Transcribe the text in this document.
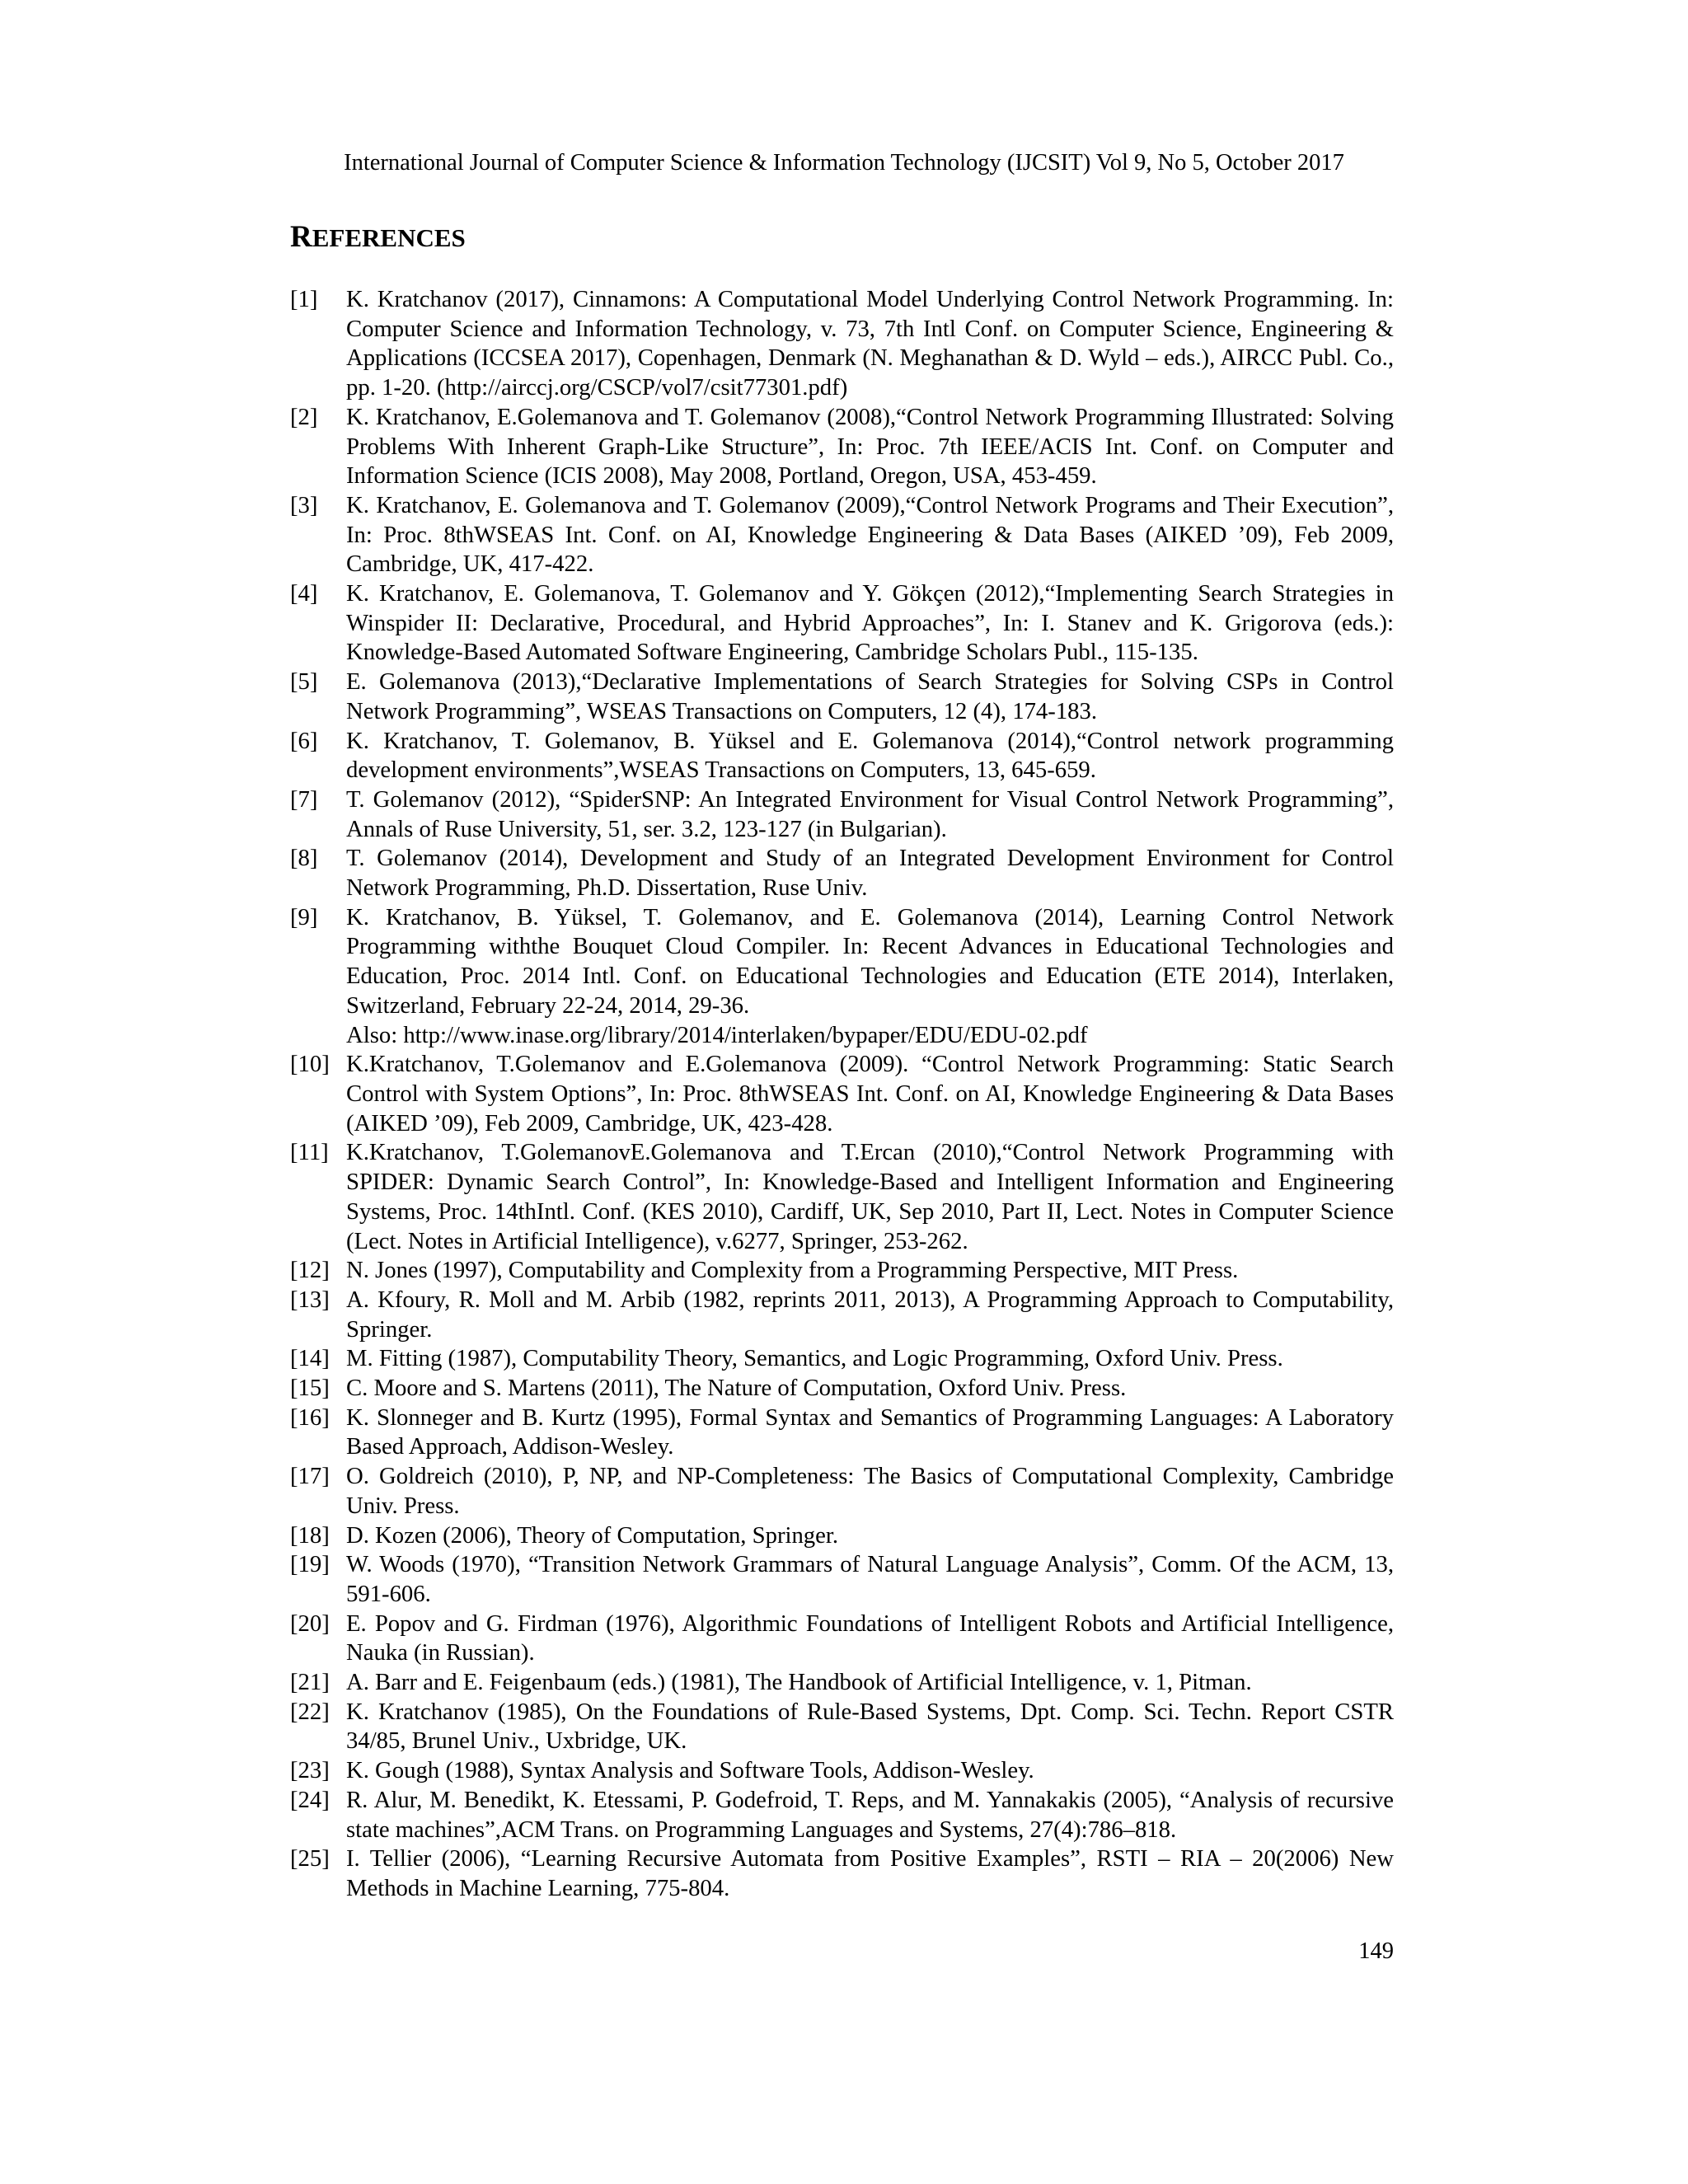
International Journal of Computer Science & Information Technology (IJCSIT) Vol 9, No 5, October 2017
REFERENCES
[1] K. Kratchanov (2017), Cinnamons: A Computational Model Underlying Control Network Programming. In: Computer Science and Information Technology, v. 73, 7th Intl Conf. on Computer Science, Engineering & Applications (ICCSEA 2017), Copenhagen, Denmark (N. Meghanathan & D. Wyld – eds.), AIRCC Publ. Co., pp. 1-20. (http://airccj.org/CSCP/vol7/csit77301.pdf)
[2] K. Kratchanov, E.Golemanova and T. Golemanov (2008),“Control Network Programming Illustrated: Solving Problems With Inherent Graph-Like Structure”, In: Proc. 7th IEEE/ACIS Int. Conf. on Computer and Information Science (ICIS 2008), May 2008, Portland, Oregon, USA, 453-459.
[3] K. Kratchanov, E. Golemanova and T. Golemanov (2009),“Control Network Programs and Their Execution”, In: Proc. 8thWSEAS Int. Conf. on AI, Knowledge Engineering & Data Bases (AIKED ’09), Feb 2009, Cambridge, UK, 417-422.
[4] K. Kratchanov, E. Golemanova, T. Golemanov and Y. Gökçen (2012),“Implementing Search Strategies in Winspider II: Declarative, Procedural, and Hybrid Approaches”, In: I. Stanev and K. Grigorova (eds.): Knowledge-Based Automated Software Engineering, Cambridge Scholars Publ., 115-135.
[5] E. Golemanova (2013),“Declarative Implementations of Search Strategies for Solving CSPs in Control Network Programming”, WSEAS Transactions on Computers, 12 (4), 174-183.
[6] K. Kratchanov, T. Golemanov, B. Yüksel and E. Golemanova (2014),“Control network programming development environments”,WSEAS Transactions on Computers, 13, 645-659.
[7] T. Golemanov (2012), “SpiderSNP: An Integrated Environment for Visual Control Network Programming”, Annals of Ruse University, 51, ser. 3.2, 123-127 (in Bulgarian).
[8] T. Golemanov (2014), Development and Study of an Integrated Development Environment for Control Network Programming, Ph.D. Dissertation, Ruse Univ.
[9] K. Kratchanov, B. Yüksel, T. Golemanov, and E. Golemanova (2014), Learning Control Network Programming withthe Bouquet Cloud Compiler. In: Recent Advances in Educational Technologies and Education, Proc. 2014 Intl. Conf. on Educational Technologies and Education (ETE 2014), Interlaken, Switzerland, February 22-24, 2014, 29-36.
Also: http://www.inase.org/library/2014/interlaken/bypaper/EDU/EDU-02.pdf
[10] K.Kratchanov, T.Golemanov and E.Golemanova (2009). “Control Network Programming: Static Search Control with System Options”, In: Proc. 8thWSEAS Int. Conf. on AI, Knowledge Engineering & Data Bases (AIKED ’09), Feb 2009, Cambridge, UK, 423-428.
[11] K.Kratchanov, T.GolemanovE.Golemanova and T.Ercan (2010),“Control Network Programming with SPIDER: Dynamic Search Control”, In: Knowledge-Based and Intelligent Information and Engineering Systems, Proc. 14thIntl. Conf. (KES 2010), Cardiff, UK, Sep 2010, Part II, Lect. Notes in Computer Science (Lect. Notes in Artificial Intelligence), v.6277, Springer, 253-262.
[12] N. Jones (1997), Computability and Complexity from a Programming Perspective, MIT Press.
[13] A. Kfoury, R. Moll and M. Arbib (1982, reprints 2011, 2013), A Programming Approach to Computability, Springer.
[14] M. Fitting (1987), Computability Theory, Semantics, and Logic Programming, Oxford Univ. Press.
[15] C. Moore and S. Martens (2011), The Nature of Computation, Oxford Univ. Press.
[16] K. Slonneger and B. Kurtz (1995), Formal Syntax and Semantics of Programming Languages: A Laboratory Based Approach, Addison-Wesley.
[17] O. Goldreich (2010), P, NP, and NP-Completeness: The Basics of Computational Complexity, Cambridge Univ. Press.
[18] D. Kozen (2006), Theory of Computation, Springer.
[19] W. Woods (1970), “Transition Network Grammars of Natural Language Analysis”, Comm. Of the ACM, 13, 591-606.
[20] E. Popov and G. Firdman (1976), Algorithmic Foundations of Intelligent Robots and Artificial Intelligence, Nauka (in Russian).
[21] A. Barr and E. Feigenbaum (eds.) (1981), The Handbook of Artificial Intelligence, v. 1, Pitman.
[22] K. Kratchanov (1985), On the Foundations of Rule-Based Systems, Dpt. Comp. Sci. Techn. Report CSTR 34/85, Brunel Univ., Uxbridge, UK.
[23] K. Gough (1988), Syntax Analysis and Software Tools, Addison-Wesley.
[24] R. Alur, M. Benedikt, K. Etessami, P. Godefroid, T. Reps, and M. Yannakakis (2005), “Analysis of recursive state machines”,ACM Trans. on Programming Languages and Systems, 27(4):786–818.
[25] I. Tellier (2006), “Learning Recursive Automata from Positive Examples”, RSTI – RIA – 20(2006) New Methods in Machine Learning, 775-804.
149
